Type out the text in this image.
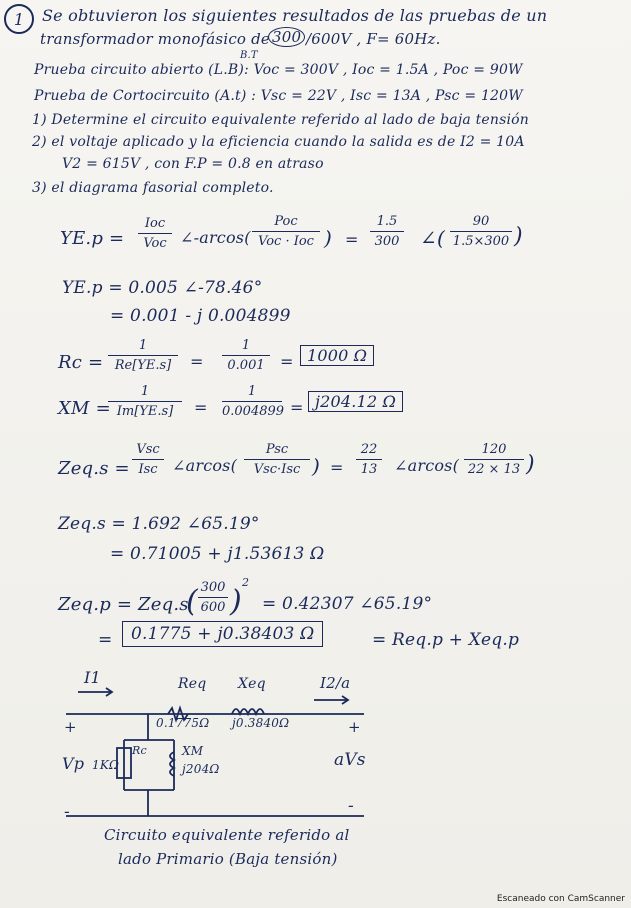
1	Se obtuvieron los siguientes resultados de las pruebas de un
transformador monofásico de 300 /600V , F= 60Hz.
B.T
Prueba circuito abierto (L.B): Voc = 300V , Ioc = 1.5A , Poc = 90W
Prueba de Cortocircuito (A.t) : Vsc = 22V , Isc = 13A , Psc = 120W
1) Determine el circuito equivalente referido al lado de baja tensión
2) el voltaje aplicado y la eficiencia cuando la salida es de I2 = 10A
V2 = 615V , con F.P = 0.8 en atraso
3) el diagrama fasorial completo.
YE.p =
Ioc
Voc ∠-arcos(
Poc
Voc · Ioc ) =
1.5
300 ∠(
90
1.5×300 )
YE.p = 0.005 ∠-78.46°
= 0.001 - j 0.004899
Rc =
1
Re[YE.s]	=
1
0.001 = 1000 Ω
XM =
1
Im[YE.s]	=
1
0.004899 = j204.12 Ω
Zeq.s =
Vsc
Isc ∠arcos(
Psc
Vsc·Isc ) =
22
13 ∠arcos(
120
22 × 13 )
Zeq.s = 1.692 ∠65.19°
= 0.71005 + j1.53613 Ω
Zeq.p = Zeq.s
( 300
600 )
2
= 0.42307 ∠65.19°
=	0.1775 + j0.38403 Ω	= Req.p + Xeq.p
I1	Req Xeq	I2/a
0.1775Ω j0.3840Ω
+	+
Vp 1KΩ
Rc	XM
j204Ω	aVs
-	-
Circuito equivalente referido al
lado Primario (Baja tensión)
Escaneado con CamScanner
